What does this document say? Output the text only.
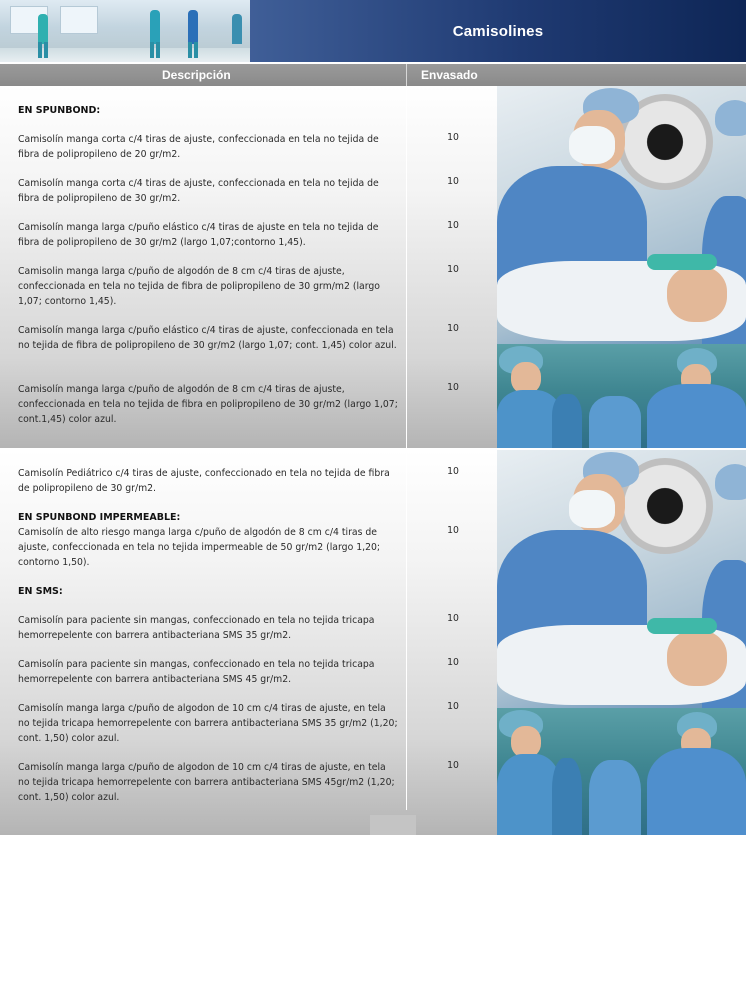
Camisolines
Descripción	Envasado
EN SPUNBOND:
Camisolín manga corta c/4 tiras de ajuste, confeccionada en tela no tejida de fibra de polipropileno de 20 gr/m2.
10
Camisolín manga corta c/4 tiras de ajuste, confeccionada en tela no tejida de fibra de polipropileno de 30 gr/m2.
10
Camisolín manga larga c/puño elástico c/4 tiras de ajuste en tela no tejida de fibra de polipropileno de 30 gr/m2 (largo 1,07;contorno 1,45).
10
Camisolin manga larga c/puño de algodón de 8 cm c/4 tiras de ajuste, confeccionada en tela no tejida de fibra de polipropileno de 30 grm/m2 (largo 1,07; contorno 1,45).
10
Camisolín manga larga c/puño elástico c/4 tiras de ajuste, confeccionada en tela no tejida de fibra de polipropileno de 30 gr/m2 (largo 1,07; cont. 1,45) color azul.
10
Camisolín manga larga c/puño de algodón de 8 cm c/4 tiras de ajuste, confeccionada en tela no tejida de fibra en polipropileno de 30 gr/m2 (largo 1,07; cont.1,45) color azul.
10
Camisolín Pediátrico c/4 tiras de ajuste, confeccionado en tela no tejida de fibra de polipropileno de 30 gr/m2.
10
EN SPUNBOND IMPERMEABLE:
Camisolín de alto riesgo manga larga c/puño de algodón de 8 cm c/4 tiras de ajuste, confeccionada en tela no tejida impermeable de 50 gr/m2 (largo 1,20; contorno 1,50).
10
EN SMS:
Camisolín para paciente sin mangas, confeccionado en tela no tejida tricapa hemorrepelente con barrera antibacteriana SMS 35 gr/m2.
10
Camisolín para paciente sin mangas, confeccionado en tela no tejida tricapa hemorrepelente con barrera antibacteriana SMS 45 gr/m2.
10
Camisolín manga larga c/puño de algodon de 10 cm c/4 tiras de ajuste, en tela no tejida tricapa hemorrepelente con barrera antibacteriana SMS 35 gr/m2 (1,20; cont. 1,50) color azul.
10
Camisolín manga larga c/puño de algodon de 10 cm c/4 tiras de ajuste, en tela no tejida tricapa hemorrepelente con barrera antibacteriana SMS 45gr/m2 (1,20; cont. 1,50) color azul.
10
